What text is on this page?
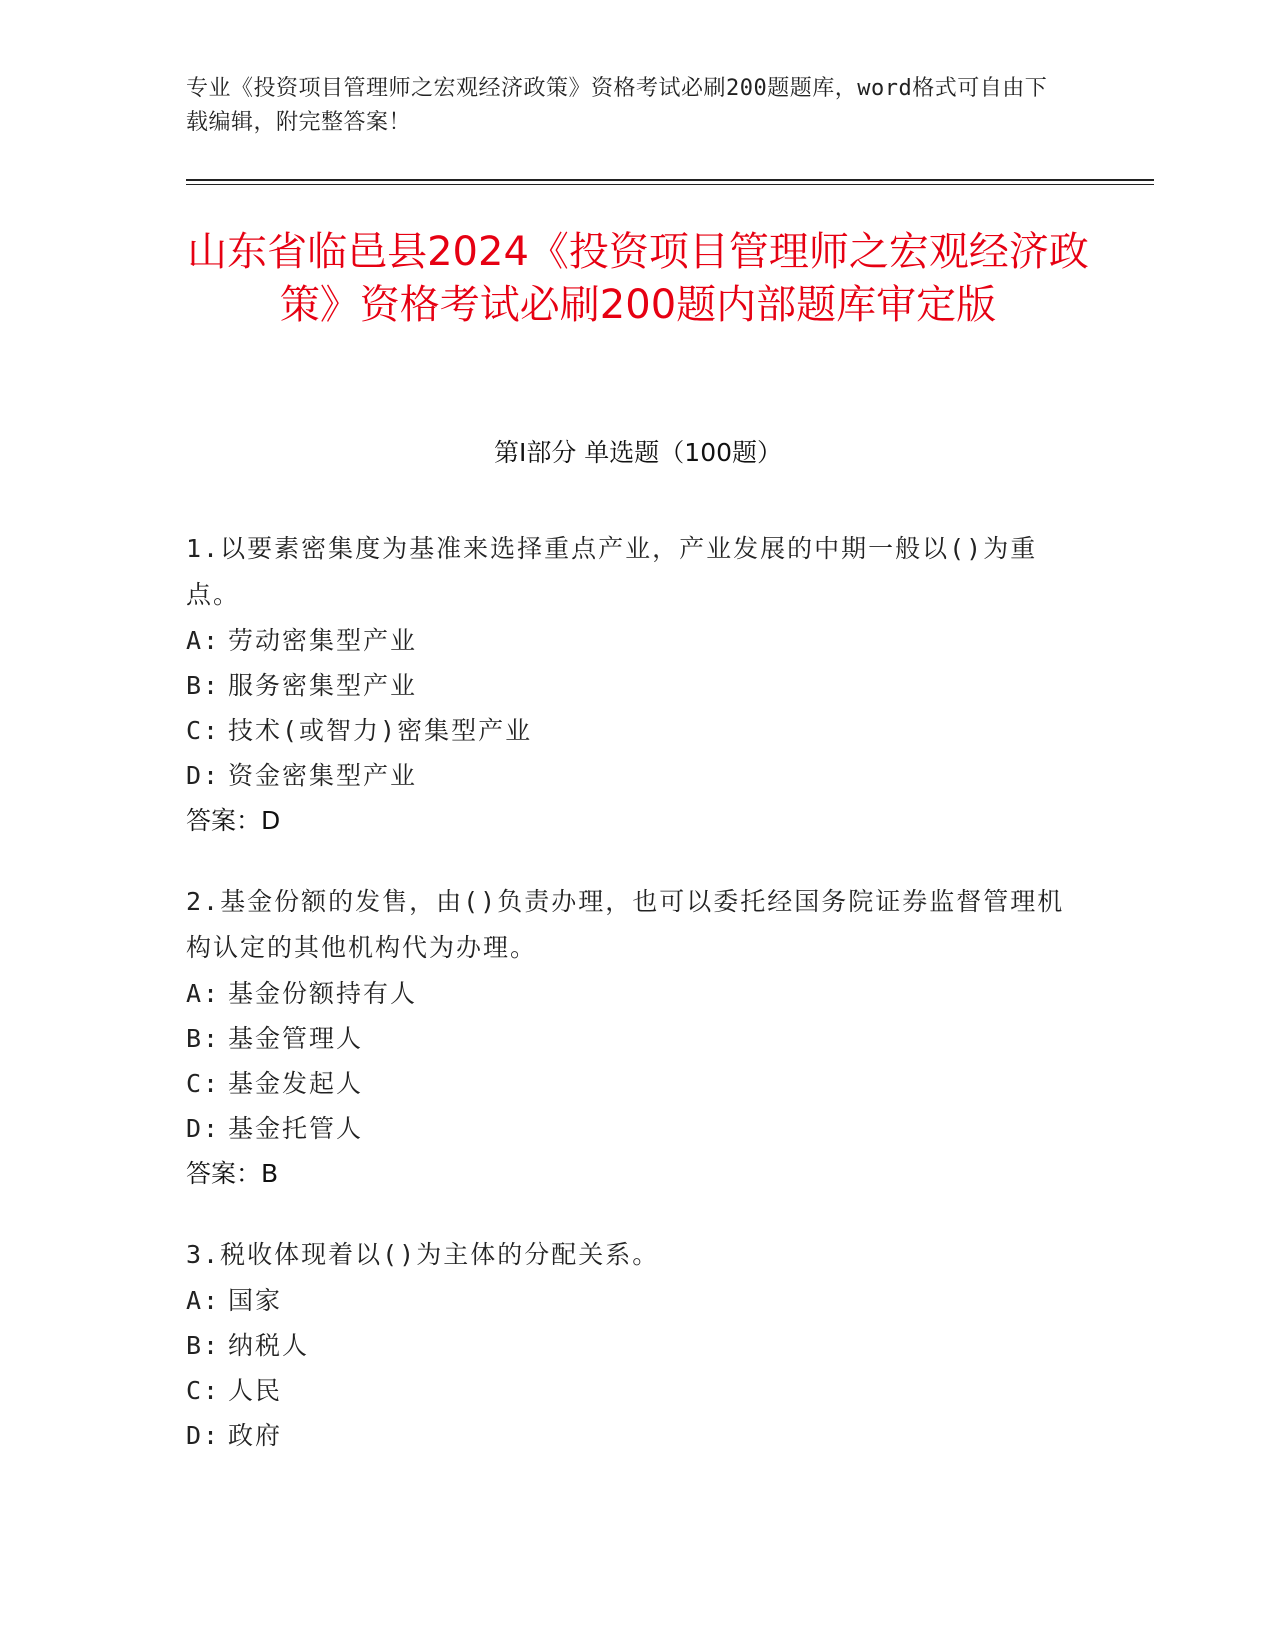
专业《投资项目管理师之宏观经济政策》资格考试必刷200题题库，word格式可自由下载编辑，附完整答案！
山东省临邑县2024《投资项目管理师之宏观经济政策》资格考试必刷200题内部题库审定版
第Ⅰ部分 单选题（100题）
1.以要素密集度为基准来选择重点产业，产业发展的中期一般以()为重点。
A: 劳动密集型产业
B: 服务密集型产业
C: 技术(或智力)密集型产业
D: 资金密集型产业
答案：D
2.基金份额的发售，由()负责办理，也可以委托经国务院证券监督管理机构认定的其他机构代为办理。
A: 基金份额持有人
B: 基金管理人
C: 基金发起人
D: 基金托管人
答案：B
3.税收体现着以()为主体的分配关系。
A: 国家
B: 纳税人
C: 人民
D: 政府
